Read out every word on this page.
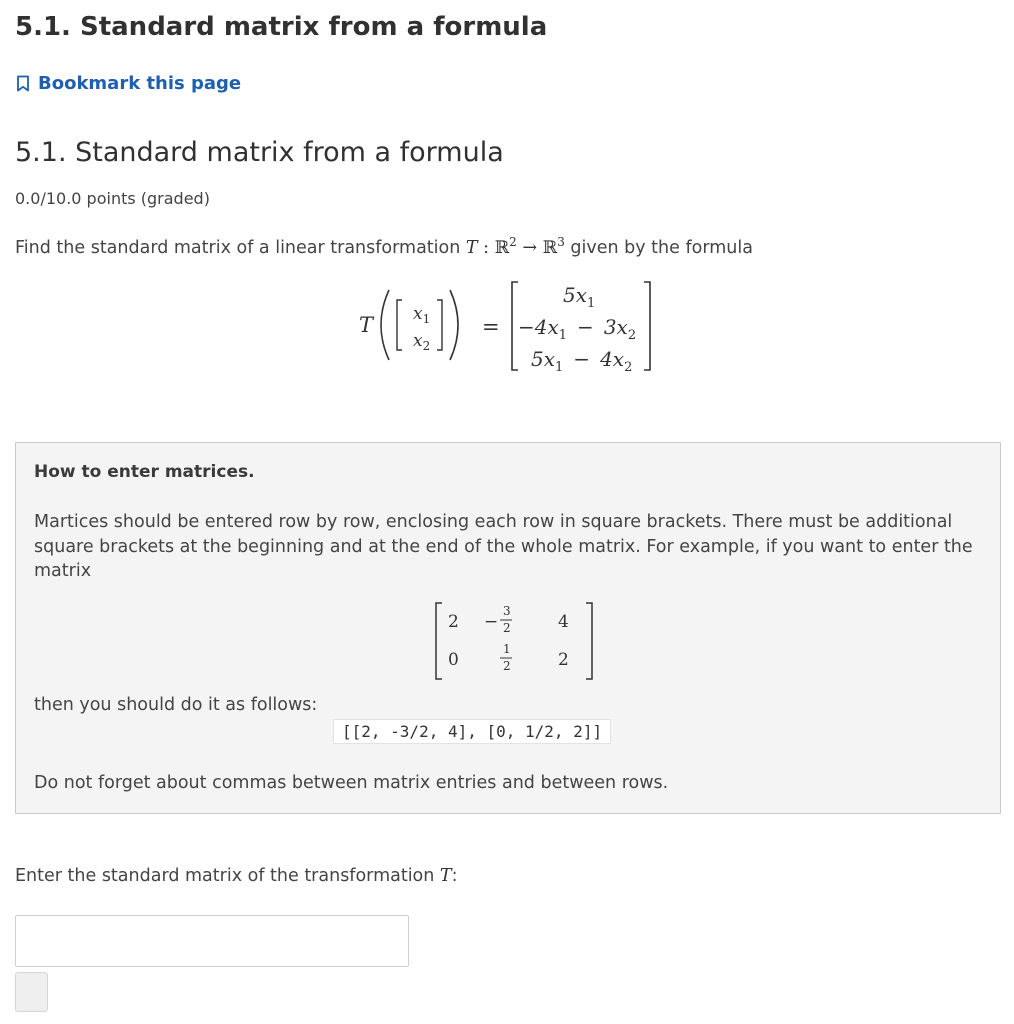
5.1. Standard matrix from a formula
Bookmark this page
5.1. Standard matrix from a formula
0.0/10.0 points (graded)
Find the standard matrix of a linear transformation T : ℝ$^2$ → ℝ$^3$ given by the formula
T $x_1$
$x_2$
=
$5x_1$
$-4x_1 - 3x_2$
$5x_1 - 4x_2$
How to enter matrices.
Martices should be entered row by row, enclosing each row in square brackets. There must be additional square brackets at the beginning and at the end of the whole matrix. For example, if you want to enter the matrix
2 −
3
2	4
0
1
2	2
then you should do it as follows:
[[2, -3/2, 4], [0, 1/2, 2]]
Do not forget about commas between matrix entries and between rows.
Enter the standard matrix of the transformation T:
